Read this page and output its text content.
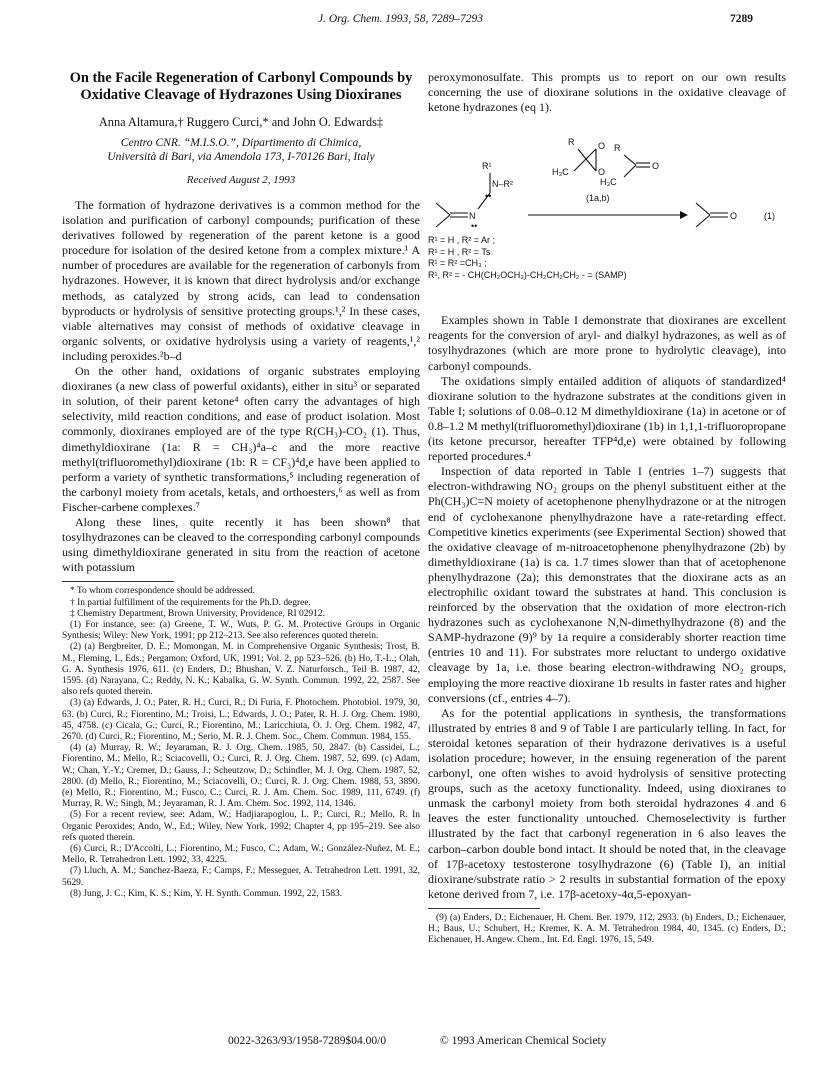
J. Org. Chem. 1993, 58, 7289–7293	7289
On the Facile Regeneration of Carbonyl Compounds by Oxidative Cleavage of Hydrazones Using Dioxiranes
Anna Altamura,† Ruggero Curci,* and John O. Edwards‡
Centro CNR. “M.I.S.O.”, Dipartimento di Chimica,
Università di Bari, via Amendola 173, I-70126 Bari, Italy
Received August 2, 1993

The formation of hydrazone derivatives is a common method for the isolation and purification of carbonyl compounds; purification of these derivatives followed by regeneration of the parent ketone is a good procedure for isolation of the desired ketone from a complex mixture.¹ A number of procedures are available for the regeneration of carbonyls from hydrazones. However, it is known that direct hydrolysis and/or exchange methods, as catalyzed by strong acids, can lead to condensation byproducts or hydrolysis of sensitive protecting groups.¹,² In these cases, viable alternatives may consist of methods of oxidative cleavage in organic solvents, or oxidative hydrolysis using a variety of reagents,¹,² including peroxides.²b–d

On the other hand, oxidations of organic substrates employing dioxiranes (a new class of powerful oxidants), either in situ³ or separated in solution, of their parent ketone⁴ often carry the advantages of high selectivity, mild reaction conditions, and ease of product isolation. Most commonly, dioxiranes employed are of the type R(CH₃)-CO₂ (1). Thus, dimethyldioxirane (1a: R = CH₃)⁴a–c and the more reactive methyl(trifluoromethyl)dioxirane (1b: R = CF₃)⁴d,e have been applied to perform a variety of synthetic transformations,⁵ including regeneration of the carbonyl moiety from acetals, ketals, and orthoesters,⁶ as well as from Fischer-carbene complexes.⁷

Along these lines, quite recently it has been shown⁸ that tosylhydrazones can be cleaved to the corresponding carbonyl compounds using dimethyldioxirane generated in situ from the reaction of acetone with potassium

* To whom correspondence should be addressed.

† In partial fulfillment of the requirements for the Ph.D. degree.

‡ Chemistry Department, Brown University, Providence, RI 02912.

(1) For instance, see: (a) Greene, T. W., Wuts, P. G. M. Protective Groups in Organic Synthesis; Wiley: New York, 1991; pp 212–213. See also references quoted therein.

(2) (a) Bergbreiter, D. E.; Momongan, M. in Comprehensive Organic Synthesis; Trost, B. M., Fleming, I., Eds.; Pergamon: Oxford, UK, 1991; Vol. 2, pp 523–526. (b) Ho, T.-L.; Olah, G. A. Synthesis 1976, 611. (c) Enders, D.; Bhushan, V. Z. Naturforsch., Teil B. 1987, 42, 1595. (d) Narayana, C.; Reddy, N. K.; Kabalka, G. W. Synth. Commun. 1992, 22, 2587. See also refs quoted therein.

(3) (a) Edwards, J. O.; Pater, R. H.; Curci, R.; Di Furia, F. Photochem. Photobiol. 1979, 30, 63. (b) Curci, R.; Fiorentino, M.; Troisi, L.; Edwards, J. O.; Pater, R. H. J. Org. Chem. 1980, 45, 4758. (c) Cicala, G.; Curci, R.; Fiorentino, M.; Laricchiuta, O. J. Org. Chem. 1982, 47, 2670. (d) Curci, R.; Fiorentino, M.; Serio, M. R. J. Chem. Soc., Chem. Commun. 1984, 155.

(4) (a) Murray, R. W.; Jeyaraman, R. J. Org. Chem. 1985, 50, 2847. (b) Cassidei, L.; Fiorentino, M.; Mello, R.; Sciacovelli, O.; Curci, R. J. Org. Chem. 1987, 52, 699. (c) Adam, W.; Chan, Y.-Y.; Cremer, D.; Gauss, J.; Scheutzow, D.; Schindler, M. J. Org. Chem. 1987, 52, 2800. (d) Mello, R.; Fiorentino, M.; Sciacovelli, O.; Curci, R. J. Org. Chem. 1988, 53, 3890. (e) Mello, R.; Fiorentino, M.; Fusco, C.; Curci, R. J. Am. Chem. Soc. 1989, 111, 6749. (f) Murray, R. W.; Singh, M.; Jeyaraman, R. J. Am. Chem. Soc. 1992, 114, 1346.

(5) For a recent review, see: Adam, W.; Hadjiarapoglou, L. P.; Curci, R.; Mello, R. In Organic Peroxides; Ando, W., Ed.; Wiley, New York, 1992; Chapter 4, pp 195–219. See also refs quoted therein.

(6) Curci, R.; D'Accolti, L.; Fiorentino, M.; Fusco, C.; Adam, W.; González-Nuñez, M. E.; Mello, R. Tetrahedron Lett. 1992, 33, 4225.

(7) Lluch, A. M.; Sanchez-Baeza, F.; Camps, F.; Messeguer, A. Tetrahedron Lett. 1991, 32, 5629.

(8) Jung, J. C.; Kim, K. S.; Kim, Y. H. Synth. Commun. 1992, 22, 1583.

peroxymonosulfate. This prompts us to report on our own results concerning the use of dioxirane solutions in the oxidative cleavage of ketone hydrazones (eq 1).

R¹
N–R²
N
••
••
R	O
O
H₃C
R
O
H₃C
(1a,b)
O	(1)
R¹ = H , R² = Ar ;
R¹ = H , R² = Ts
R¹ = R² =CH₃ ;
R¹, R² = - CH(CH₂OCH₃)-CH₂CH₂CH₂ - = (SAMP)

Examples shown in Table I demonstrate that dioxiranes are excellent reagents for the conversion of aryl- and dialkyl hydrazones, as well as of tosylhydrazones (which are more prone to hydrolytic cleavage), into carbonyl compounds.

The oxidations simply entailed addition of aliquots of standardized⁴ dioxirane solution to the hydrazone substrates at the conditions given in Table I; solutions of 0.08–0.12 M dimethyldioxirane (1a) in acetone or of 0.8–1.2 M methyl(trifluoromethyl)dioxirane (1b) in 1,1,1-trifluoropropane (its ketone precursor, hereafter TFP⁴d,e) were obtained by following reported procedures.⁴

Inspection of data reported in Table I (entries 1–7) suggests that electron-withdrawing NO₂ groups on the phenyl substituent either at the Ph(CH₃)C=N moiety of acetophenone phenylhydrazone or at the nitrogen end of cyclohexanone phenylhydrazone have a rate-retarding effect. Competitive kinetics experiments (see Experimental Section) showed that the oxidative cleavage of m-nitroacetophenone phenylhydrazone (2b) by dimethyldioxirane (1a) is ca. 1.7 times slower than that of acetophenone phenylhydrazone (2a); this demonstrates that the dioxirane acts as an electrophilic oxidant toward the substrates at hand. This conclusion is reinforced by the observation that the oxidation of more electron-rich hydrazones such as cyclohexanone N,N-dimethylhydrazone (8) and the SAMP-hydrazone (9)⁹ by 1a require a considerably shorter reaction time (entries 10 and 11). For substrates more reluctant to undergo oxidative cleavage by 1a, i.e. those bearing electron-withdrawing NO₂ groups, employing the more reactive dioxirane 1b results in faster rates and higher conversions (cf., entries 4–7).

As for the potential applications in synthesis, the transformations illustrated by entries 8 and 9 of Table I are particularly telling. In fact, for steroidal ketones separation of their hydrazone derivatives is a useful isolation procedure; however, in the ensuing regeneration of the parent carbonyl, one often wishes to avoid hydrolysis of sensitive protecting groups, such as the acetoxy functionality. Indeed, using dioxiranes to unmask the carbonyl moiety from both steroidal hydrazones 4 and 6 leaves the ester functionality untouched. Chemoselectivity is further illustrated by the fact that carbonyl regeneration in 6 also leaves the carbon–carbon double bond intact. It should be noted that, in the cleavage of 17β-acetoxy testosterone tosylhydrazone (6) (Table I), an initial dioxirane/substrate ratio > 2 results in substantial formation of the epoxy ketone derived from 7, i.e. 17β-acetoxy-4α,5-epoxyan-

(9) (a) Enders, D.; Eichenauer, H. Chem. Ber. 1979, 112, 2933. (b) Enders, D.; Eichenauer, H.; Baus, U.; Schubert, H.; Kremer, K. A. M. Tetrahedron 1984, 40, 1345. (c) Enders, D.; Eichenauer, H. Angew. Chem., Int. Ed. Engl. 1976, 15, 549.

0022-3263/93/1958-7289$04.00/0	© 1993 American Chemical Society
